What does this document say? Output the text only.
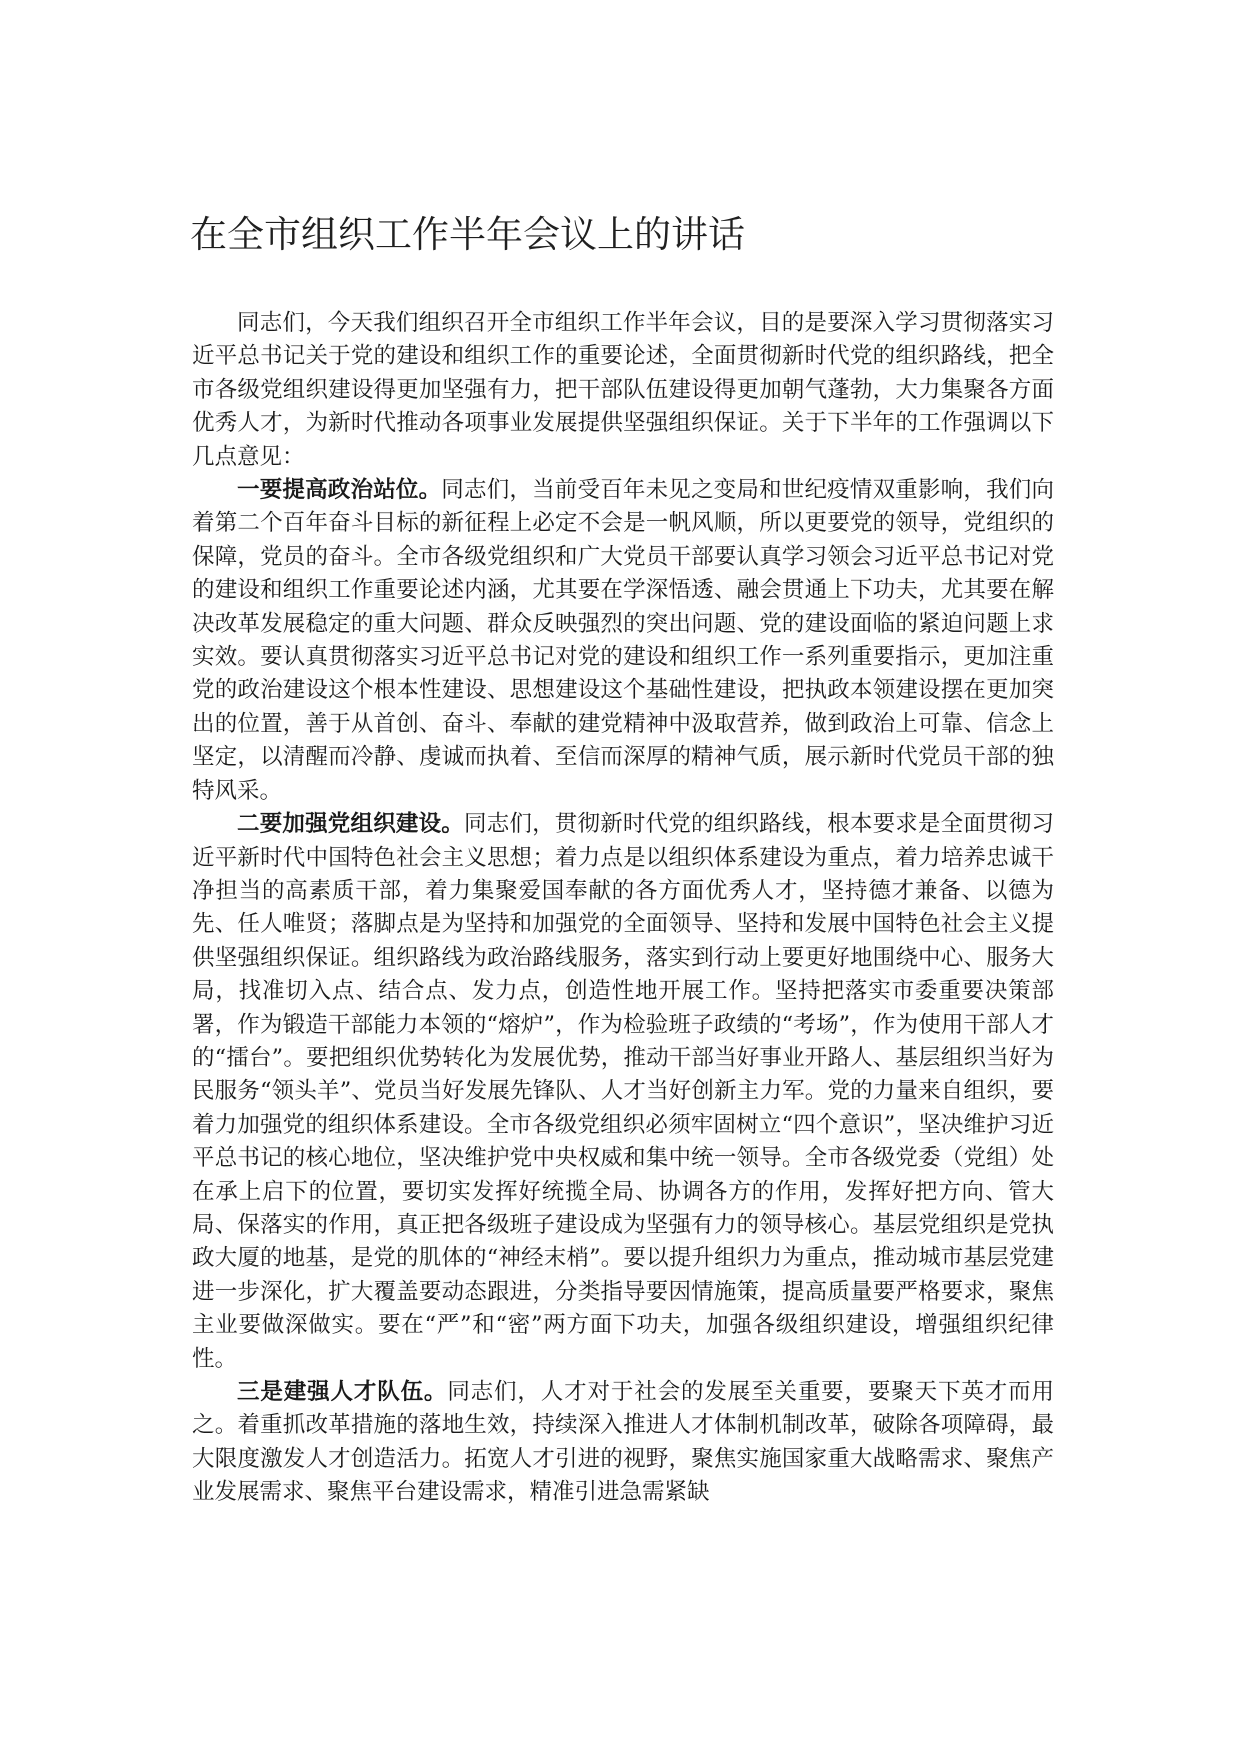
在全市组织工作半年会议上的讲话

同志们，今天我们组织召开全市组织工作半年会议，目的是要深入学习贯彻落实习近平总书记关于党的建设和组织工作的重要论述，全面贯彻新时代党的组织路线，把全市各级党组织建设得更加坚强有力，把干部队伍建设得更加朝气蓬勃，大力集聚各方面优秀人才，为新时代推动各项事业发展提供坚强组织保证。关于下半年的工作强调以下几点意见：

一要提高政治站位。同志们，当前受百年未见之变局和世纪疫情双重影响，我们向着第二个百年奋斗目标的新征程上必定不会是一帆风顺，所以更要党的领导，党组织的保障，党员的奋斗。全市各级党组织和广大党员干部要认真学习领会习近平总书记对党的建设和组织工作重要论述内涵，尤其要在学深悟透、融会贯通上下功夫，尤其要在解决改革发展稳定的重大问题、群众反映强烈的突出问题、党的建设面临的紧迫问题上求实效。要认真贯彻落实习近平总书记对党的建设和组织工作一系列重要指示，更加注重党的政治建设这个根本性建设、思想建设这个基础性建设，把执政本领建设摆在更加突出的位置，善于从首创、奋斗、奉献的建党精神中汲取营养，做到政治上可靠、信念上坚定，以清醒而冷静、虔诚而执着、至信而深厚的精神气质，展示新时代党员干部的独特风采。

二要加强党组织建设。同志们，贯彻新时代党的组织路线，根本要求是全面贯彻习近平新时代中国特色社会主义思想；着力点是以组织体系建设为重点，着力培养忠诚干净担当的高素质干部，着力集聚爱国奉献的各方面优秀人才，坚持德才兼备、以德为先、任人唯贤；落脚点是为坚持和加强党的全面领导、坚持和发展中国特色社会主义提供坚强组织保证。组织路线为政治路线服务，落实到行动上要更好地围绕中心、服务大局，找准切入点、结合点、发力点，创造性地开展工作。坚持把落实市委重要决策部署，作为锻造干部能力本领的“熔炉”，作为检验班子政绩的“考场”，作为使用干部人才的“擂台”。要把组织优势转化为发展优势，推动干部当好事业开路人、基层组织当好为民服务“领头羊”、党员当好发展先锋队、人才当好创新主力军。党的力量来自组织，要着力加强党的组织体系建设。全市各级党组织必须牢固树立“四个意识”，坚决维护习近平总书记的核心地位，坚决维护党中央权威和集中统一领导。全市各级党委（党组）处在承上启下的位置，要切实发挥好统揽全局、协调各方的作用，发挥好把方向、管大局、保落实的作用，真正把各级班子建设成为坚强有力的领导核心。基层党组织是党执政大厦的地基，是党的肌体的“神经末梢”。要以提升组织力为重点，推动城市基层党建进一步深化，扩大覆盖要动态跟进，分类指导要因情施策，提高质量要严格要求，聚焦主业要做深做实。要在“严”和“密”两方面下功夫，加强各级组织建设，增强组织纪律性。

三是建强人才队伍。同志们，人才对于社会的发展至关重要，要聚天下英才而用之。着重抓改革措施的落地生效，持续深入推进人才体制机制改革，破除各项障碍，最大限度激发人才创造活力。拓宽人才引进的视野，聚焦实施国家重大战略需求、聚焦产业发展需求、聚焦平台建设需求，精准引进急需紧缺
